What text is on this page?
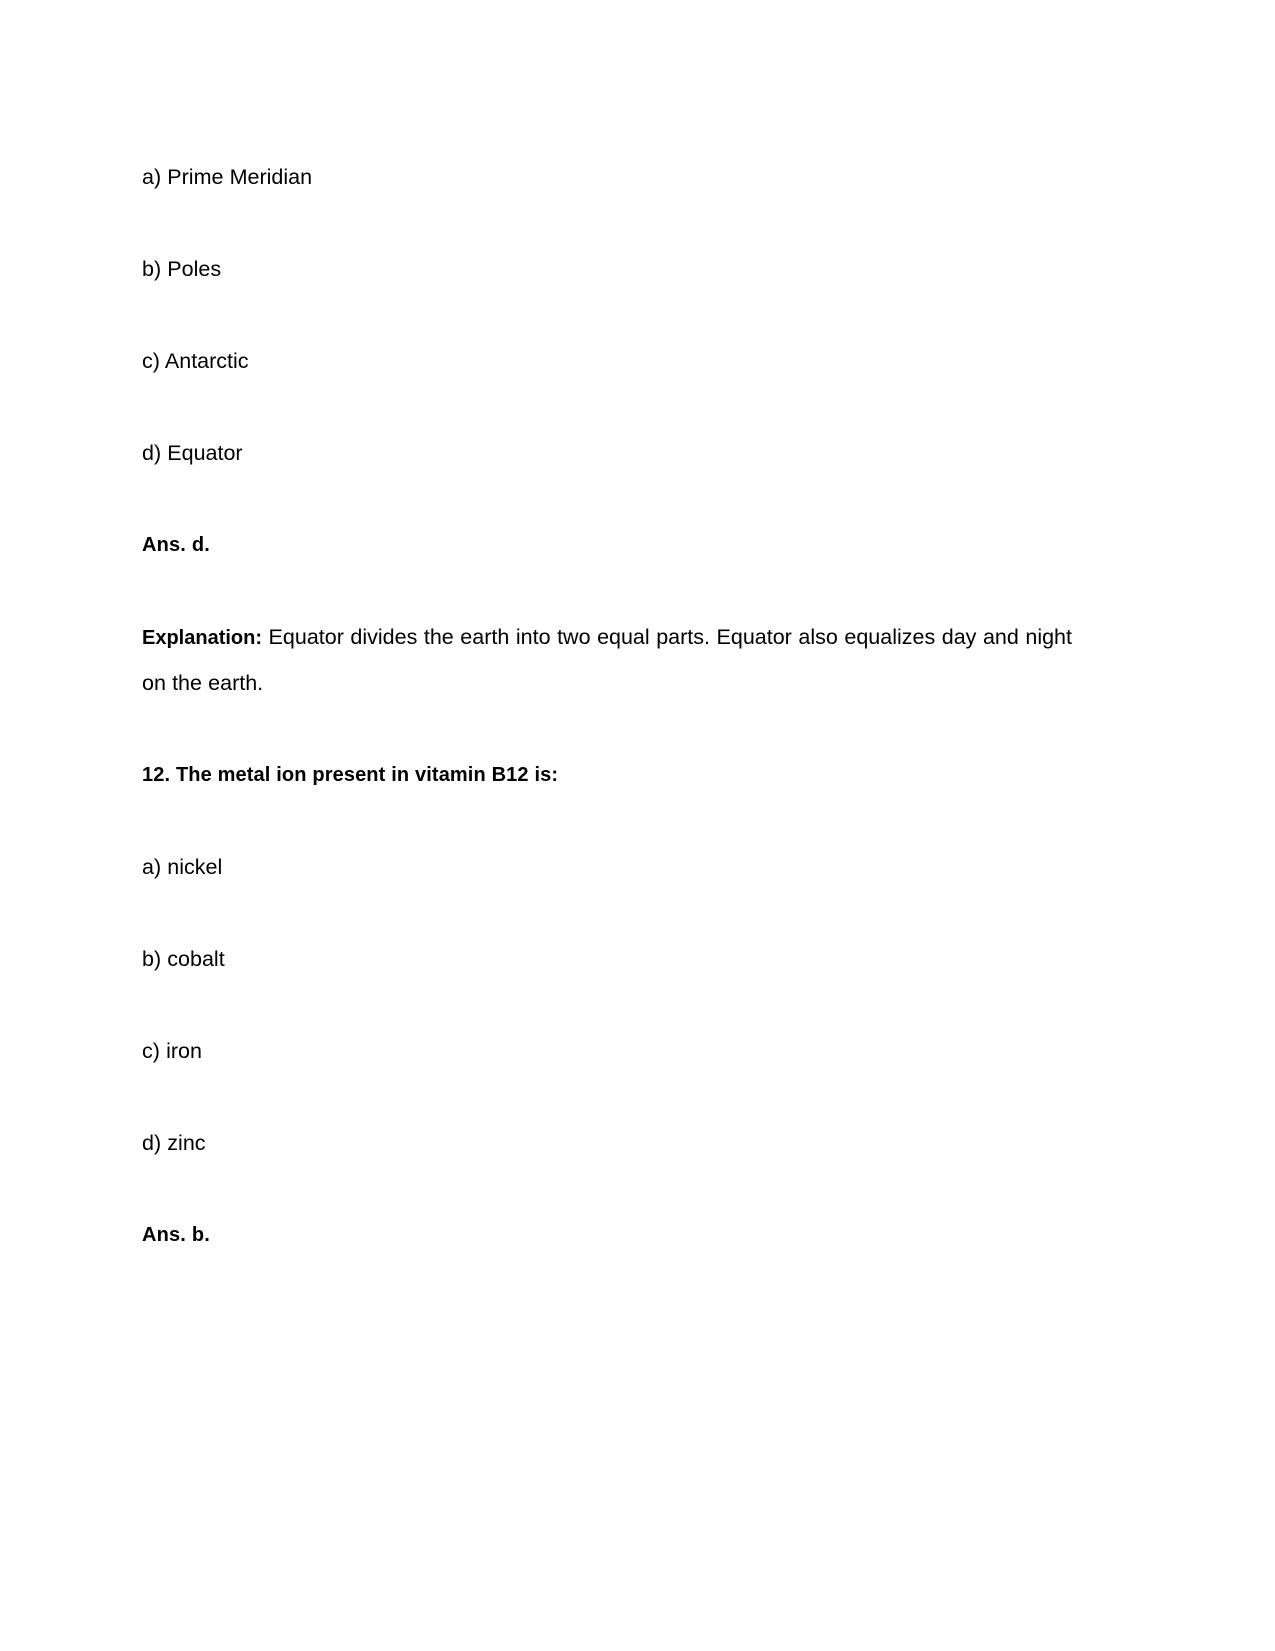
a) Prime Meridian

b) Poles

c) Antarctic

d) Equator

Ans. d.

Explanation: Equator divides the earth into two equal parts. Equator also equalizes day and night on the earth.

12. The metal ion present in vitamin B12 is:

a) nickel

b) cobalt

c) iron

d) zinc

Ans. b.
